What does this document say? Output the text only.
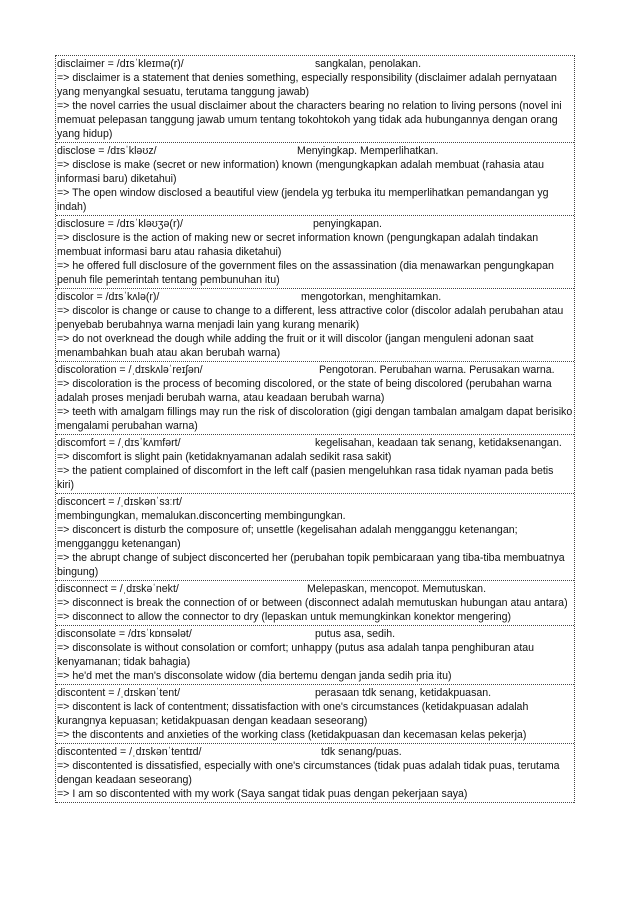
disclaimer = /dɪsˈkleɪmə(r)/	sangkalan, penolakan.
=> disclaimer is a statement that denies something, especially responsibility (disclaimer adalah pernyataan yang menyangkal sesuatu, terutama tanggung jawab)
=> the novel carries the usual disclaimer about the characters bearing no relation to living persons (novel ini memuat pelepasan tanggung jawab umum tentang tokohtokoh yang tidak ada hubungannya dengan orang yang hidup)
disclose = /dɪsˈkləʊz/	Menyingkap. Memperlihatkan.
=> disclose is make (secret or new information) known (mengungkapkan adalah membuat (rahasia atau informasi baru) diketahui)
=> The open window disclosed a beautiful view (jendela yg terbuka itu memperlihatkan pemandangan yg indah)
disclosure = /dɪsˈkləʊʒə(r)/	penyingkapan.
=> disclosure is the action of making new or secret information known (pengungkapan adalah tindakan membuat informasi baru atau rahasia diketahui)
=> he offered full disclosure of the government files on the assassination (dia menawarkan pengungkapan penuh file pemerintah tentang pembunuhan itu)
discolor = /dɪsˈkʌlə(r)/	mengotorkan, menghitamkan.
=> discolor is change or cause to change to a different, less attractive color (discolor adalah perubahan atau penyebab berubahnya warna menjadi lain yang kurang menarik)
=> do not overknead the dough while adding the fruit or it will discolor (jangan menguleni adonan saat menambahkan buah atau akan berubah warna)
discoloration = /ˌdɪskʌləˈreɪʃən/	Pengotoran. Perubahan warna. Perusakan warna.
=> discoloration is the process of becoming discolored, or the state of being discolored (perubahan warna adalah proses menjadi berubah warna, atau keadaan berubah warna)
=> teeth with amalgam fillings may run the risk of discoloration (gigi dengan tambalan amalgam dapat berisiko mengalami perubahan warna)
discomfort = /ˌdɪsˈkʌmfərt/	kegelisahan, keadaan tak senang, ketidaksenangan.
=> discomfort is slight pain (ketidaknyamanan adalah sedikit rasa sakit)
=> the patient complained of discomfort in the left calf (pasien mengeluhkan rasa tidak nyaman pada betis kiri)
disconcert = /ˌdɪskənˈsɜːrt/
membingungkan, memalukan.disconcerting membingungkan.
=> disconcert is disturb the composure of; unsettle (kegelisahan adalah mengganggu ketenangan; mengganggu ketenangan)
=> the abrupt change of subject disconcerted her (perubahan topik pembicaraan yang tiba-tiba membuatnya bingung)
disconnect = /ˌdɪskəˈnekt/	Melepaskan, mencopot. Memutuskan.
=> disconnect is break the connection of or between (disconnect adalah memutuskan hubungan atau antara)
=> disconnect to allow the connector to dry (lepaskan untuk memungkinkan konektor mengering)
disconsolate = /dɪsˈkɒnsələt/	putus asa, sedih.
=> disconsolate is without consolation or comfort; unhappy (putus asa adalah tanpa penghiburan atau kenyamanan; tidak bahagia)
=> he'd met the man's disconsolate widow (dia bertemu dengan janda sedih pria itu)
discontent = /ˌdɪskənˈtent/	perasaan tdk senang, ketidakpuasan.
=> discontent is lack of contentment; dissatisfaction with one's circumstances (ketidakpuasan adalah kurangnya kepuasan; ketidakpuasan dengan keadaan seseorang)
=> the discontents and anxieties of the working class (ketidakpuasan dan kecemasan kelas pekerja)
discontented = /ˌdɪskənˈtentɪd/	tdk senang/puas.
=> discontented is dissatisfied, especially with one's circumstances (tidak puas adalah tidak puas, terutama dengan keadaan seseorang)
=> I am so discontented with my work (Saya sangat tidak puas dengan pekerjaan saya)
